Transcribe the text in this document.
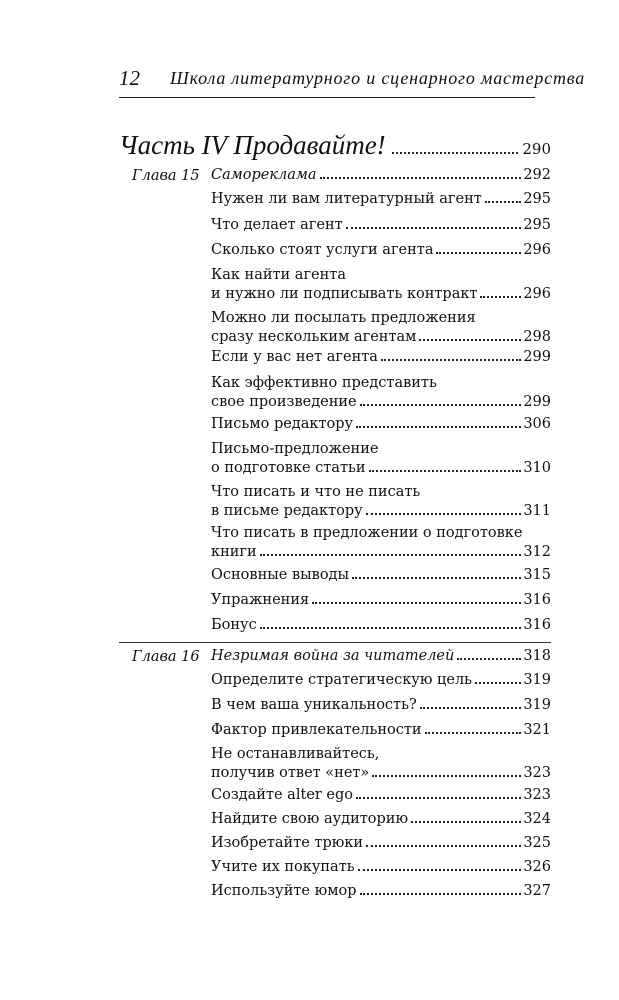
12 Школа литературного и сценарного мастерства
Часть IV Продавайте!	290
Глава 15 Самореклама	292
Нужен ли вам литературный агент	295
Что делает агент	295
Сколько стоят услуги агента	296
Как найти агента
и нужно ли подписывать контракт	296
Можно ли посылать предложения
сразу нескольким агентам	298
Если у вас нет агента	299
Как эффективно представить
свое произведение	299
Письмо редактору	306
Письмо-предложение
о подготовке статьи	310
Что писать и что не писать
в письме редактору	311
Что писать в предложении о подготовке
книги	312
Основные выводы	315
Упражнения	316
Бонус	316
Глава 16 Незримая война за читателей	318
Определите стратегическую цель	319
В чем ваша уникальность?	319
Фактор привлекательности	321
Не останавливайтесь,
получив ответ «нет»	323
Создайте alter ego	323
Найдите свою аудиторию	324
Изобретайте трюки	325
Учите их покупать	326
Используйте юмор	327
